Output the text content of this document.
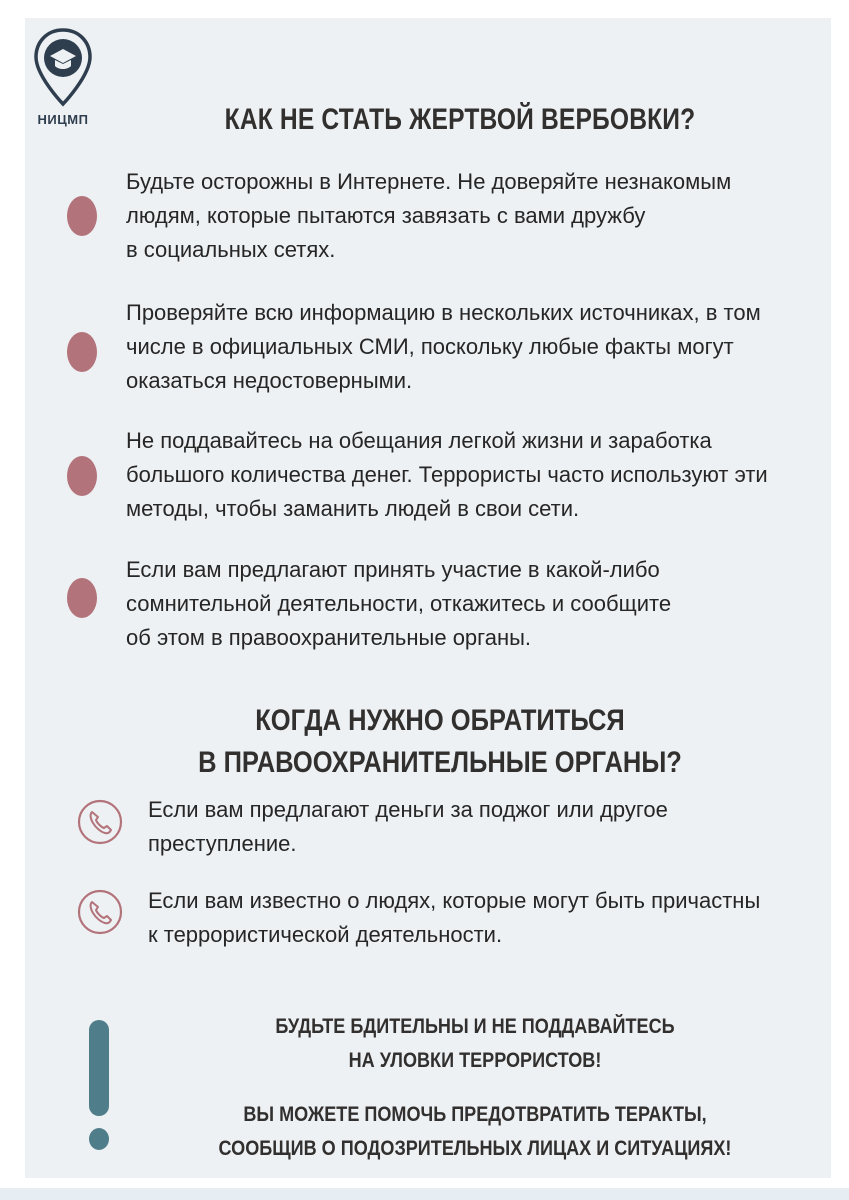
НИЦМП	КАК НЕ СТАТЬ ЖЕРТВОЙ ВЕРБОВКИ?
Будьте осторожны в Интернете. Не доверяйте незнакомым
людям, которые пытаются завязать с вами дружбу
в социальных сетях.
Проверяйте всю информацию в нескольких источниках, в том
числе в официальных СМИ, поскольку любые факты могут
оказаться недостоверными.
Не поддавайтесь на обещания легкой жизни и заработка
большого количества денег. Террористы часто используют эти
методы, чтобы заманить людей в свои сети.
Если вам предлагают принять участие в какой-либо
сомнительной деятельности, откажитесь и сообщите
об этом в правоохранительные органы.
КОГДА НУЖНО ОБРАТИТЬСЯ
В ПРАВООХРАНИТЕЛЬНЫЕ ОРГАНЫ?
Если вам предлагают деньги за поджог или другое
преступление.
Если вам известно о людях, которые могут быть причастны
к террористической деятельности.
БУДЬТЕ БДИТЕЛЬНЫ И НЕ ПОДДАВАЙТЕСЬ
НА УЛОВКИ ТЕРРОРИСТОВ!
ВЫ МОЖЕТЕ ПОМОЧЬ ПРЕДОТВРАТИТЬ ТЕРАКТЫ,
СООБЩИВ О ПОДОЗРИТЕЛЬНЫХ ЛИЦАХ И СИТУАЦИЯХ!
